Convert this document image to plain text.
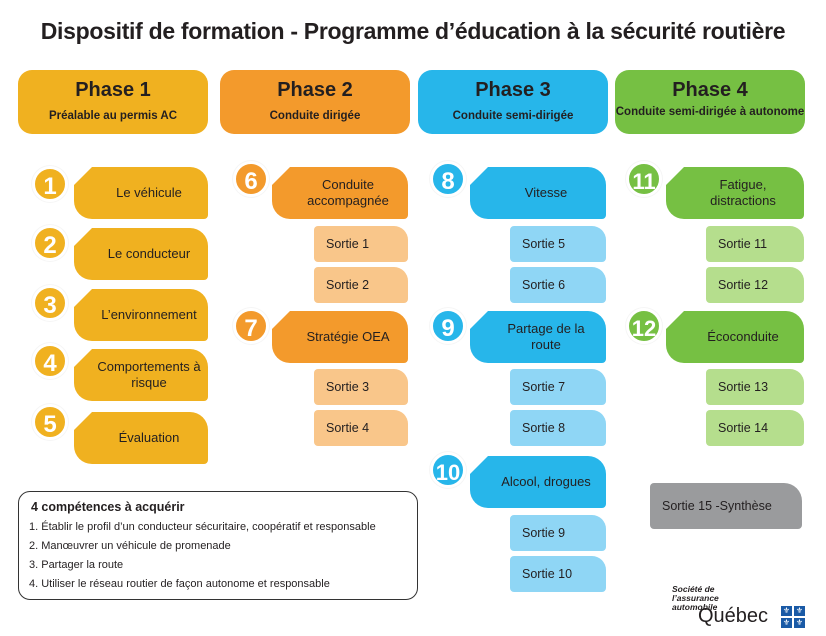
Dispositif de formation - Programme d’éducation à la sécurité routière
Phase 1
Préalable au permis AC
Phase 2
Conduite dirigée
Phase 3
Conduite semi-dirigée
Phase 4
Conduite semi-dirigée à autonome
Le véhicule
1
Le conducteur
2
L’environnement
3
Comportements à risque
4
Évaluation
5
Conduite accompagnée
6
Sortie 1
Sortie 2
Stratégie OEA
7
Sortie 3
Sortie 4
Vitesse
8
Sortie 5
Sortie 6
Partage de la route
9
Sortie 7
Sortie 8
Alcool, drogues
10
Sortie 9
Sortie 10
Fatigue, distractions
11
Sortie 11
Sortie 12
Écoconduite
12
Sortie 13
Sortie 14
Sortie 15 -Synthèse
4 compétences à acquérir
1. Établir le profil d’un conducteur sécuritaire, coopératif et responsable
2. Manœuvrer un véhicule de promenade
3. Partager la route
4. Utiliser le réseau routier de façon autonome et responsable	Société de l’assurance automobile
Québec ⚜ ⚜
⚜ ⚜
